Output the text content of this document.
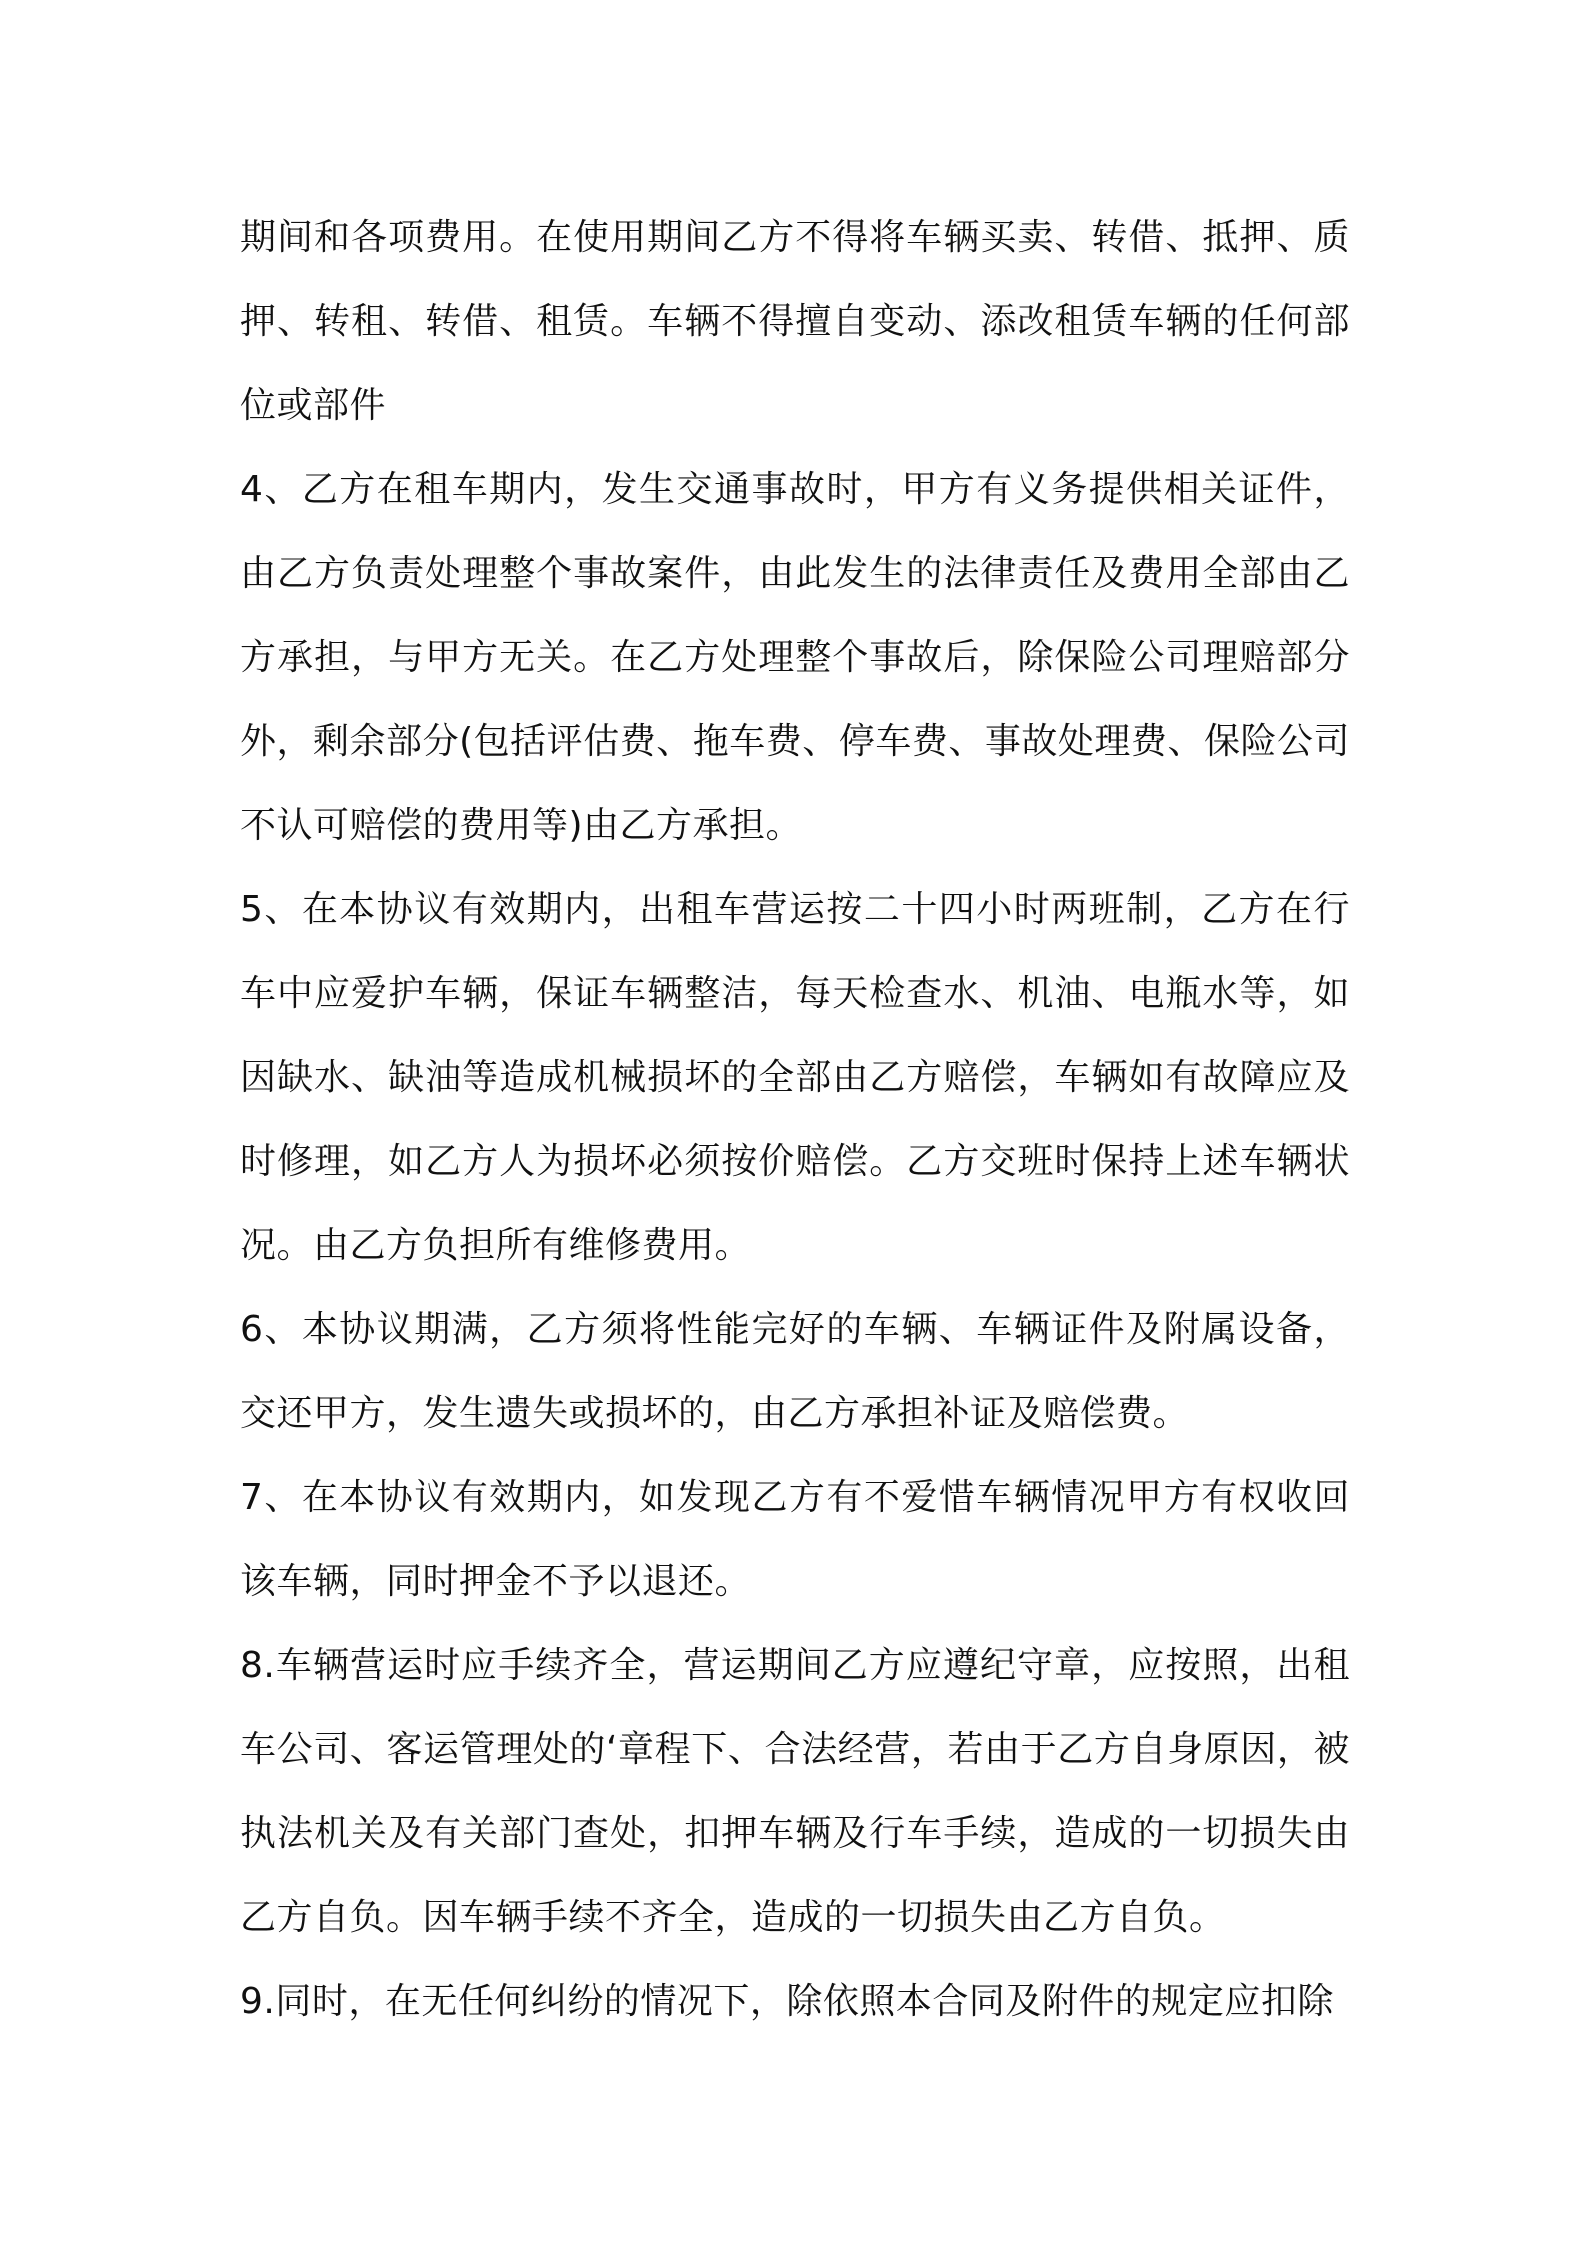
期间和各项费用。在使用期间乙方不得将车辆买卖、转借、抵押、质押、转租、转借、租赁。车辆不得擅自变动、添改租赁车辆的任何部位或部件

4、乙方在租车期内，发生交通事故时，甲方有义务提供相关证件，由乙方负责处理整个事故案件，由此发生的法律责任及费用全部由乙方承担，与甲方无关。在乙方处理整个事故后，除保险公司理赔部分外，剩余部分(包括评估费、拖车费、停车费、事故处理费、保险公司不认可赔偿的费用等)由乙方承担。

5、在本协议有效期内，出租车营运按二十四小时两班制，乙方在行车中应爱护车辆，保证车辆整洁，每天检查水、机油、电瓶水等，如因缺水、缺油等造成机械损坏的全部由乙方赔偿，车辆如有故障应及时修理，如乙方人为损坏必须按价赔偿。乙方交班时保持上述车辆状况。由乙方负担所有维修费用。

6、本协议期满，乙方须将性能完好的车辆、车辆证件及附属设备，交还甲方，发生遗失或损坏的，由乙方承担补证及赔偿费。

7、在本协议有效期内，如发现乙方有不爱惜车辆情况甲方有权收回该车辆，同时押金不予以退还。

8.车辆营运时应手续齐全，营运期间乙方应遵纪守章，应按照，出租车公司、客运管理处的‘章程下、合法经营，若由于乙方自身原因，被执法机关及有关部门查处，扣押车辆及行车手续，造成的一切损失由乙方自负。因车辆手续不齐全，造成的一切损失由乙方自负。

9.同时，在无任何纠纷的情况下，除依照本合同及附件的规定应扣除
